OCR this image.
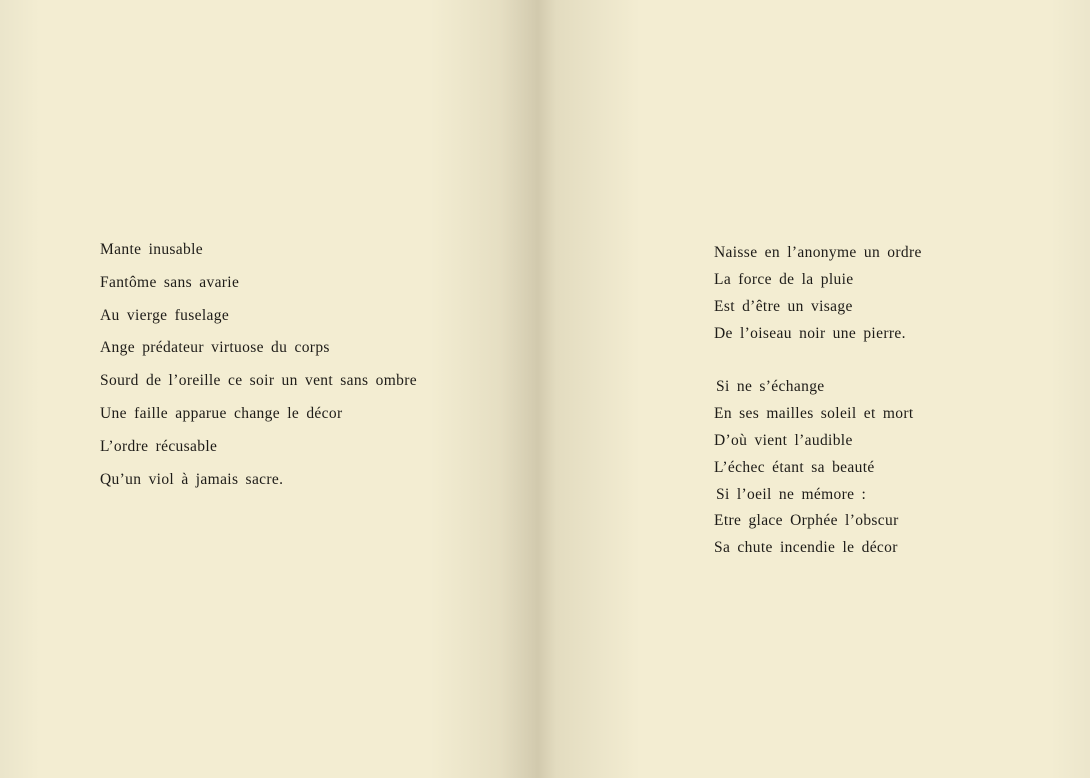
Mante inusable
Fantôme sans avarie
Au vierge fuselage
Ange prédateur virtuose du corps
Sourd de l’oreille ce soir un vent sans ombre
Une faille apparue change le décor
L’ordre récusable
Qu’un viol à jamais sacre.
Naisse en l’anonyme un ordre
La force de la pluie
Est d’être un visage
De l’oiseau noir une pierre.
Si ne s’échange
En ses mailles soleil et mort
D’où vient l’audible
L’échec étant sa beauté
Si l’oeil ne mémore :
Etre glace Orphée l’obscur
Sa chute incendie le décor
